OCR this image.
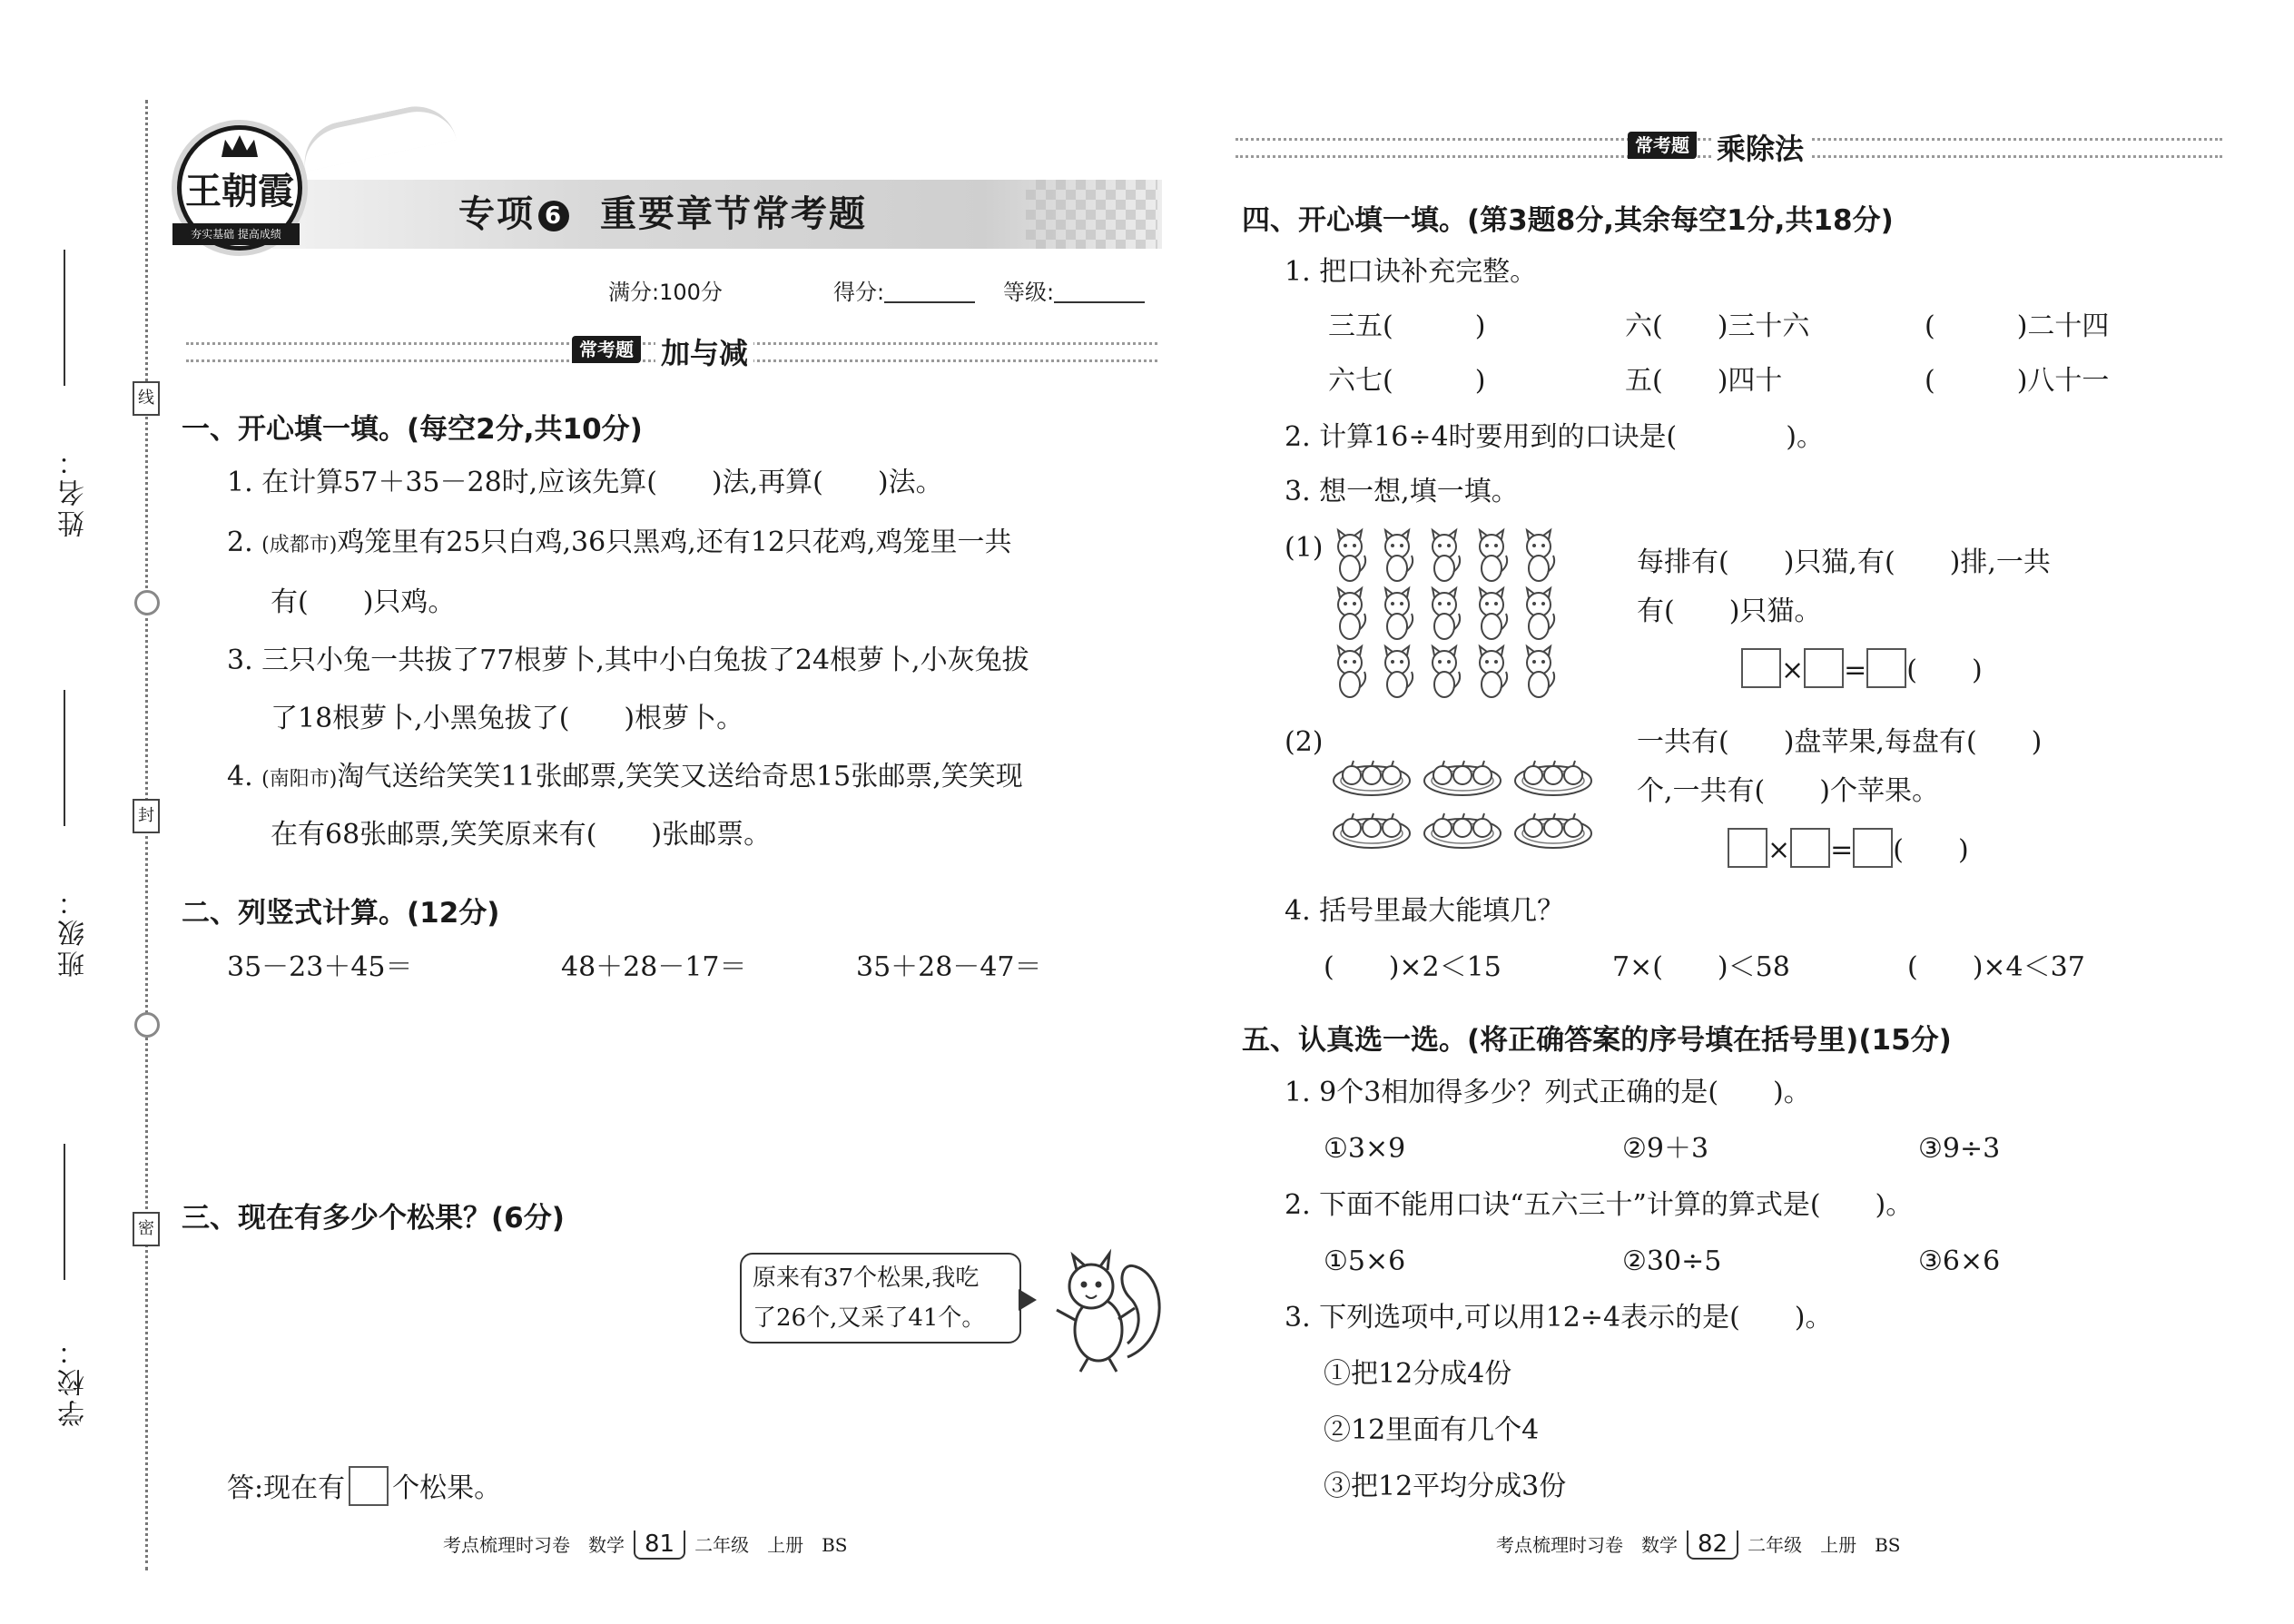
姓名：
班级：
学校：
线
封
密
王朝霞
夯实基础 提高成绩	专项 6 重要章节常考题
满分:100分	得分:	等级:
常考题 加与减
一、开心填一填。(每空2分,共10分)
1. 在计算57＋35－28时,应该先算(　　)法,再算(　　)法。
2. (成都市)鸡笼里有25只白鸡,36只黑鸡,还有12只花鸡,鸡笼里一共
有(　　)只鸡。
3. 三只小兔一共拔了77根萝卜,其中小白兔拔了24根萝卜,小灰兔拔
了18根萝卜,小黑兔拔了(　　)根萝卜。
4. (南阳市)淘气送给笑笑11张邮票,笑笑又送给奇思15张邮票,笑笑现
在有68张邮票,笑笑原来有(　　)张邮票。
二、列竖式计算。(12分)
35－23＋45＝	48＋28－17＝	35＋28－47＝
三、现在有多少个松果？(6分)
原来有37个松果,我吃
了26个,又采了41个。
答:现在有 个松果。
考点梳理时习卷　数学 81 二年级　上册　BS
常考题 乘除法
四、开心填一填。(第3题8分,其余每空1分,共18分)
1. 把口诀补充完整。
三五(　　　)	六(　　)三十六	(　　　)二十四
六七(　　　)	五(　　)四十	(　　　)八十一
2. 计算16÷4时要用到的口诀是(　　　　)。
3. 想一想,填一填。
(1)	每排有(　　)只猫,有(　　)排,一共
有(　　)只猫。
× = (　　)
(2)	一共有(　　)盘苹果,每盘有(　　)
个,一共有(　　)个苹果。
× = (　　)
4. 括号里最大能填几？
(　　)×2＜15	7×(　　)＜58	(　　)×4＜37
五、认真选一选。(将正确答案的序号填在括号里)(15分)
1. 9个3相加得多少？列式正确的是(　　)。
①3×9	②9＋3	③9÷3
2. 下面不能用口诀“五六三十”计算的算式是(　　)。
①5×6	②30÷5	③6×6
3. 下列选项中,可以用12÷4表示的是(　　)。
①把12分成4份
②12里面有几个4
③把12平均分成3份
考点梳理时习卷　数学 82 二年级　上册　BS
